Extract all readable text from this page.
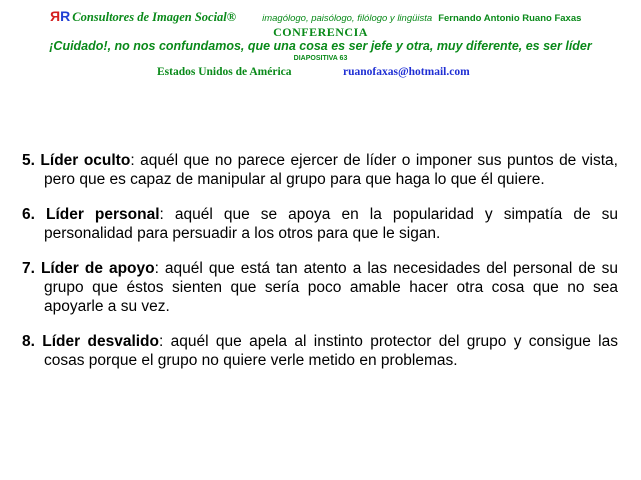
R R Consultores de Imagen Social®	imagólogo, paisólogo, filólogo y lingüista Fernando Antonio Ruano Faxas
CONFERENCIA
¡Cuidado!, no nos confundamos, que una cosa es ser jefe y otra, muy diferente, es ser líder
DIAPOSITIVA 63
Estados Unidos de América	ruanofaxas@hotmail.com

5. Líder oculto: aquél que no parece ejercer de líder o imponer sus puntos de vista, pero que es capaz de manipular al grupo para que haga lo que él quiere.

6. Líder personal: aquél que se apoya en la popularidad y simpatía de su personalidad para persuadir a los otros para que le sigan.

7. Líder de apoyo: aquél que está tan atento a las necesidades del personal de su grupo que éstos sienten que sería poco amable hacer otra cosa que no sea apoyarle a su vez.

8. Líder desvalido: aquél que apela al instinto protector del grupo y consigue las cosas porque el grupo no quiere verle metido en problemas.
